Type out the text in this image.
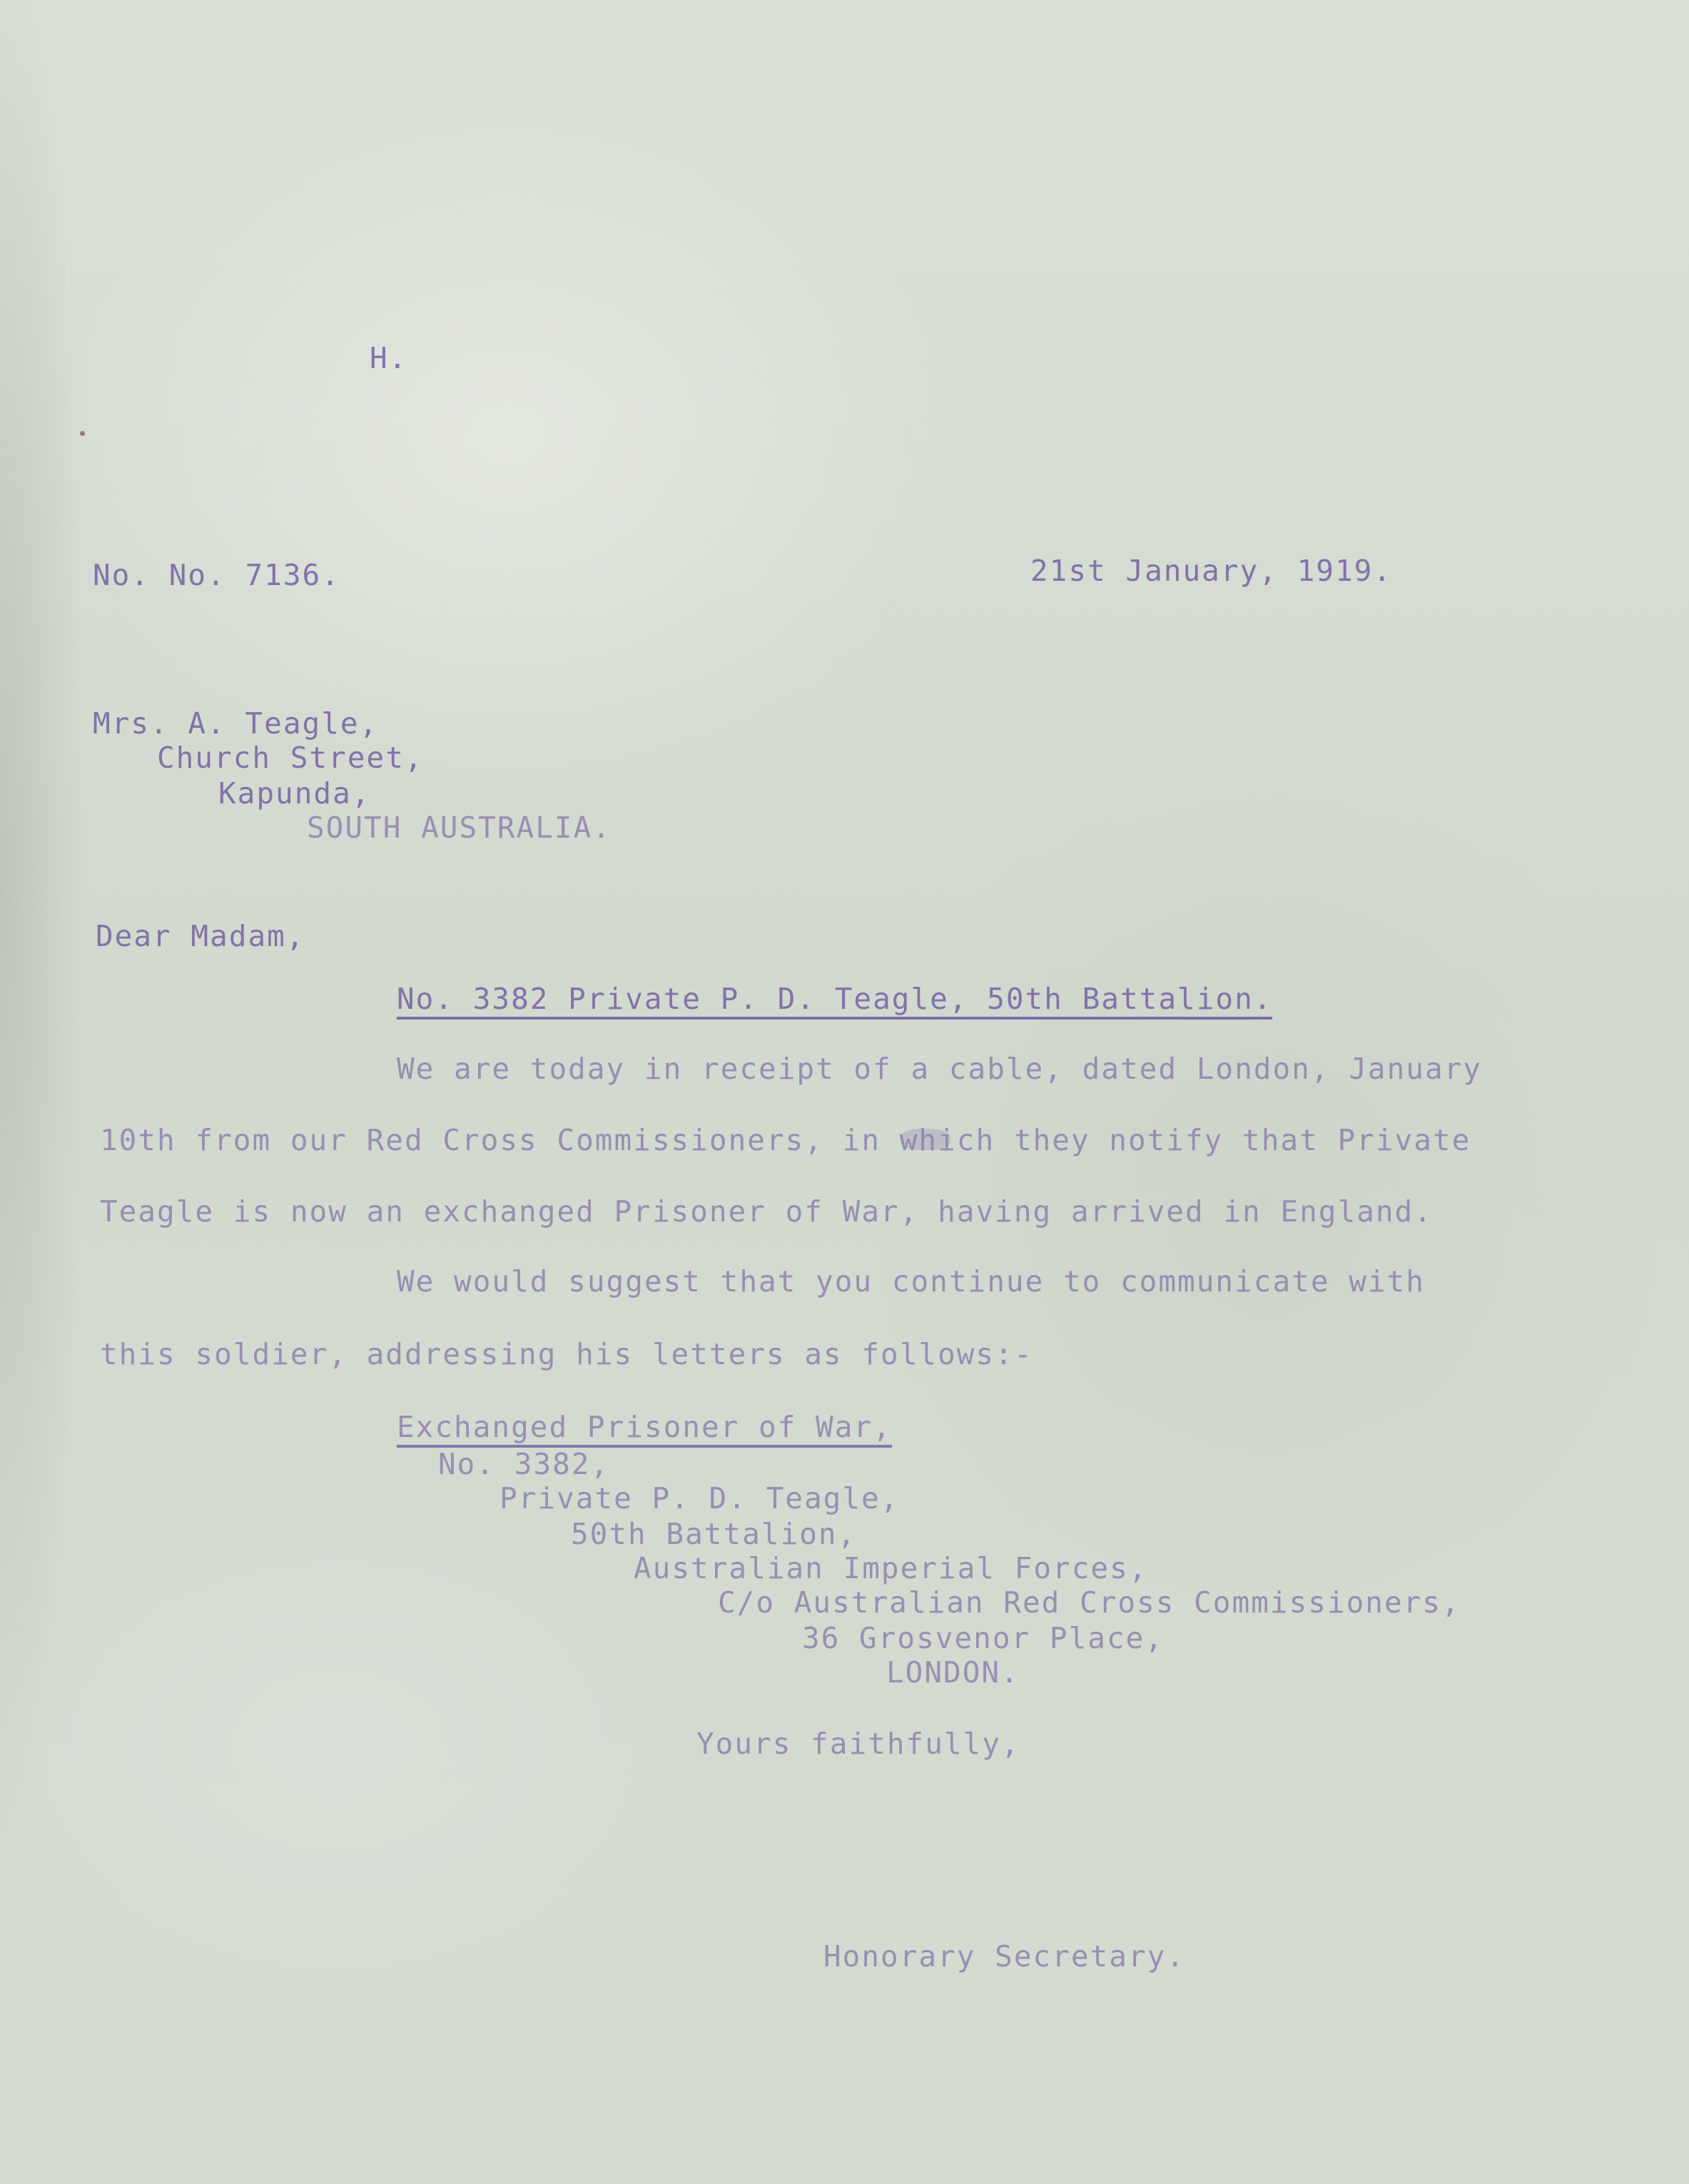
H.
No. No. 7136.	21st January, 1919.
Mrs. A. Teagle,
Church Street,
Kapunda,
SOUTH AUSTRALIA.
Dear Madam,
No. 3382 Private P. D. Teagle, 50th Battalion.
We are today in receipt of a cable, dated London, January
10th from our Red Cross Commissioners, in which they notify that Private
Teagle is now an exchanged Prisoner of War, having arrived in England.
We would suggest that you continue to communicate with
this soldier, addressing his letters as follows:-
Exchanged Prisoner of War,
No. 3382,
Private P. D. Teagle,
50th Battalion,
Australian Imperial Forces,
C/o Australian Red Cross Commissioners,
36 Grosvenor Place,
LONDON.
Yours faithfully,
Honorary Secretary.
